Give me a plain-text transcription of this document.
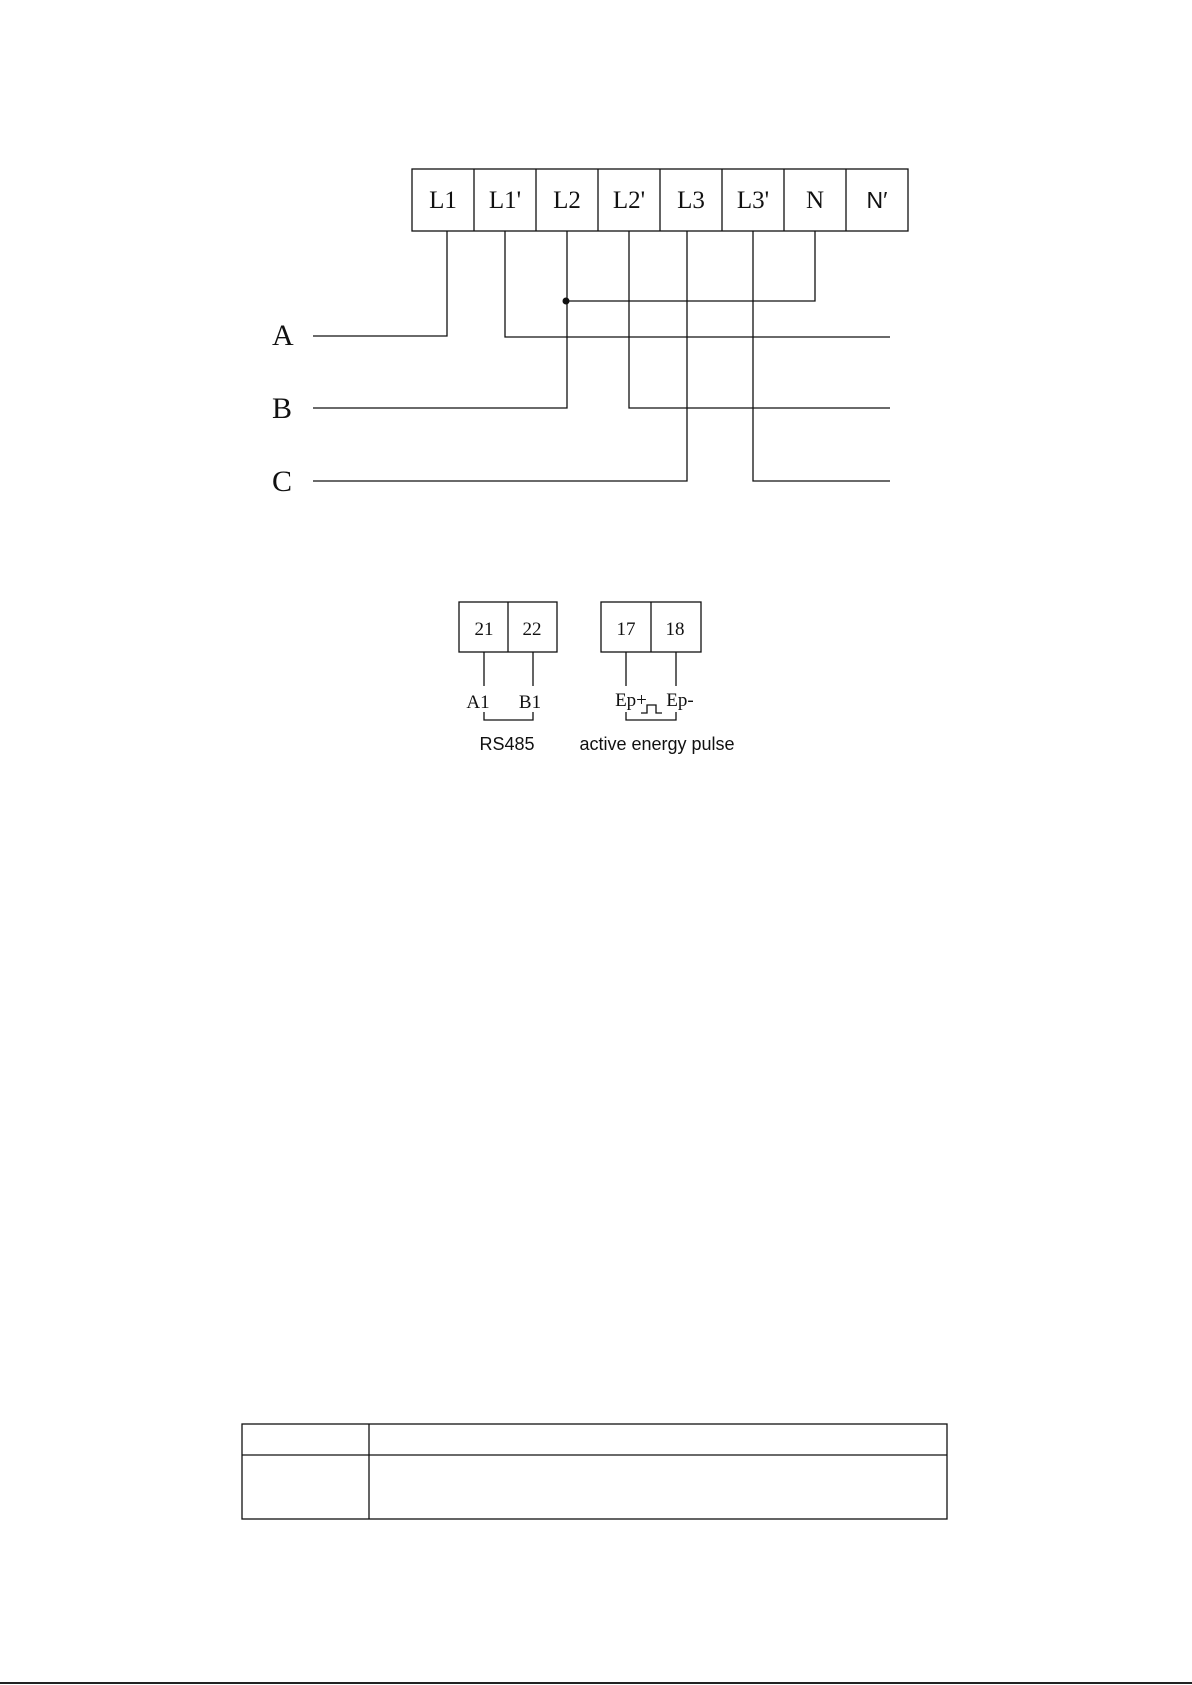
L1 L1' L2 L2' L3 L3' N N′
A
B
C
21 22
A1 B1
RS485
17 18
Ep+ Ep-
active energy pulse
